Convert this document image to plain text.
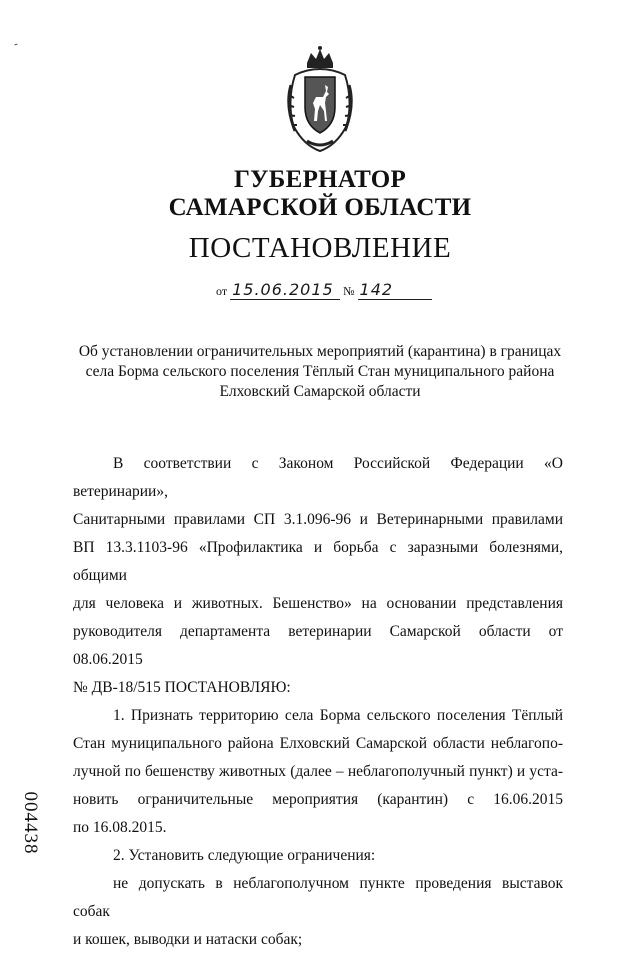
-
ГУБЕРНАТОР
САМАРСКОЙ ОБЛАСТИ
ПОСТАНОВЛЕНИЕ
от 15.06.2015 № 142
Об установлении ограничительных мероприятий (карантина) в границах
села Борма сельского поселения Тёплый Стан муниципального района
Елховский Самарской области

В соответствии с Законом Российской Федерации «О ветеринарии»,
Санитарными правилами СП 3.1.096-96 и Ветеринарными правилами
ВП 13.3.1103-96 «Профилактика и борьба с заразными болезнями, общими
для человека и животных. Бешенство» на основании представления
руководителя департамента ветеринарии Самарской области от 08.06.2015
№ ДВ-18/515 ПОСТАНОВЛЯЮ:

1. Признать территорию села Борма сельского поселения Тёплый
Стан муниципального района Елховский Самарской области неблагопо-
лучной по бешенству животных (далее – неблагополучный пункт) и уста-
новить ограничительные мероприятия (карантин) с 16.06.2015
по 16.08.2015.

2. Установить следующие ограничения:

не допускать в неблагополучном пункте проведения выставок собак
и кошек, выводки и натаски собак;

004438
